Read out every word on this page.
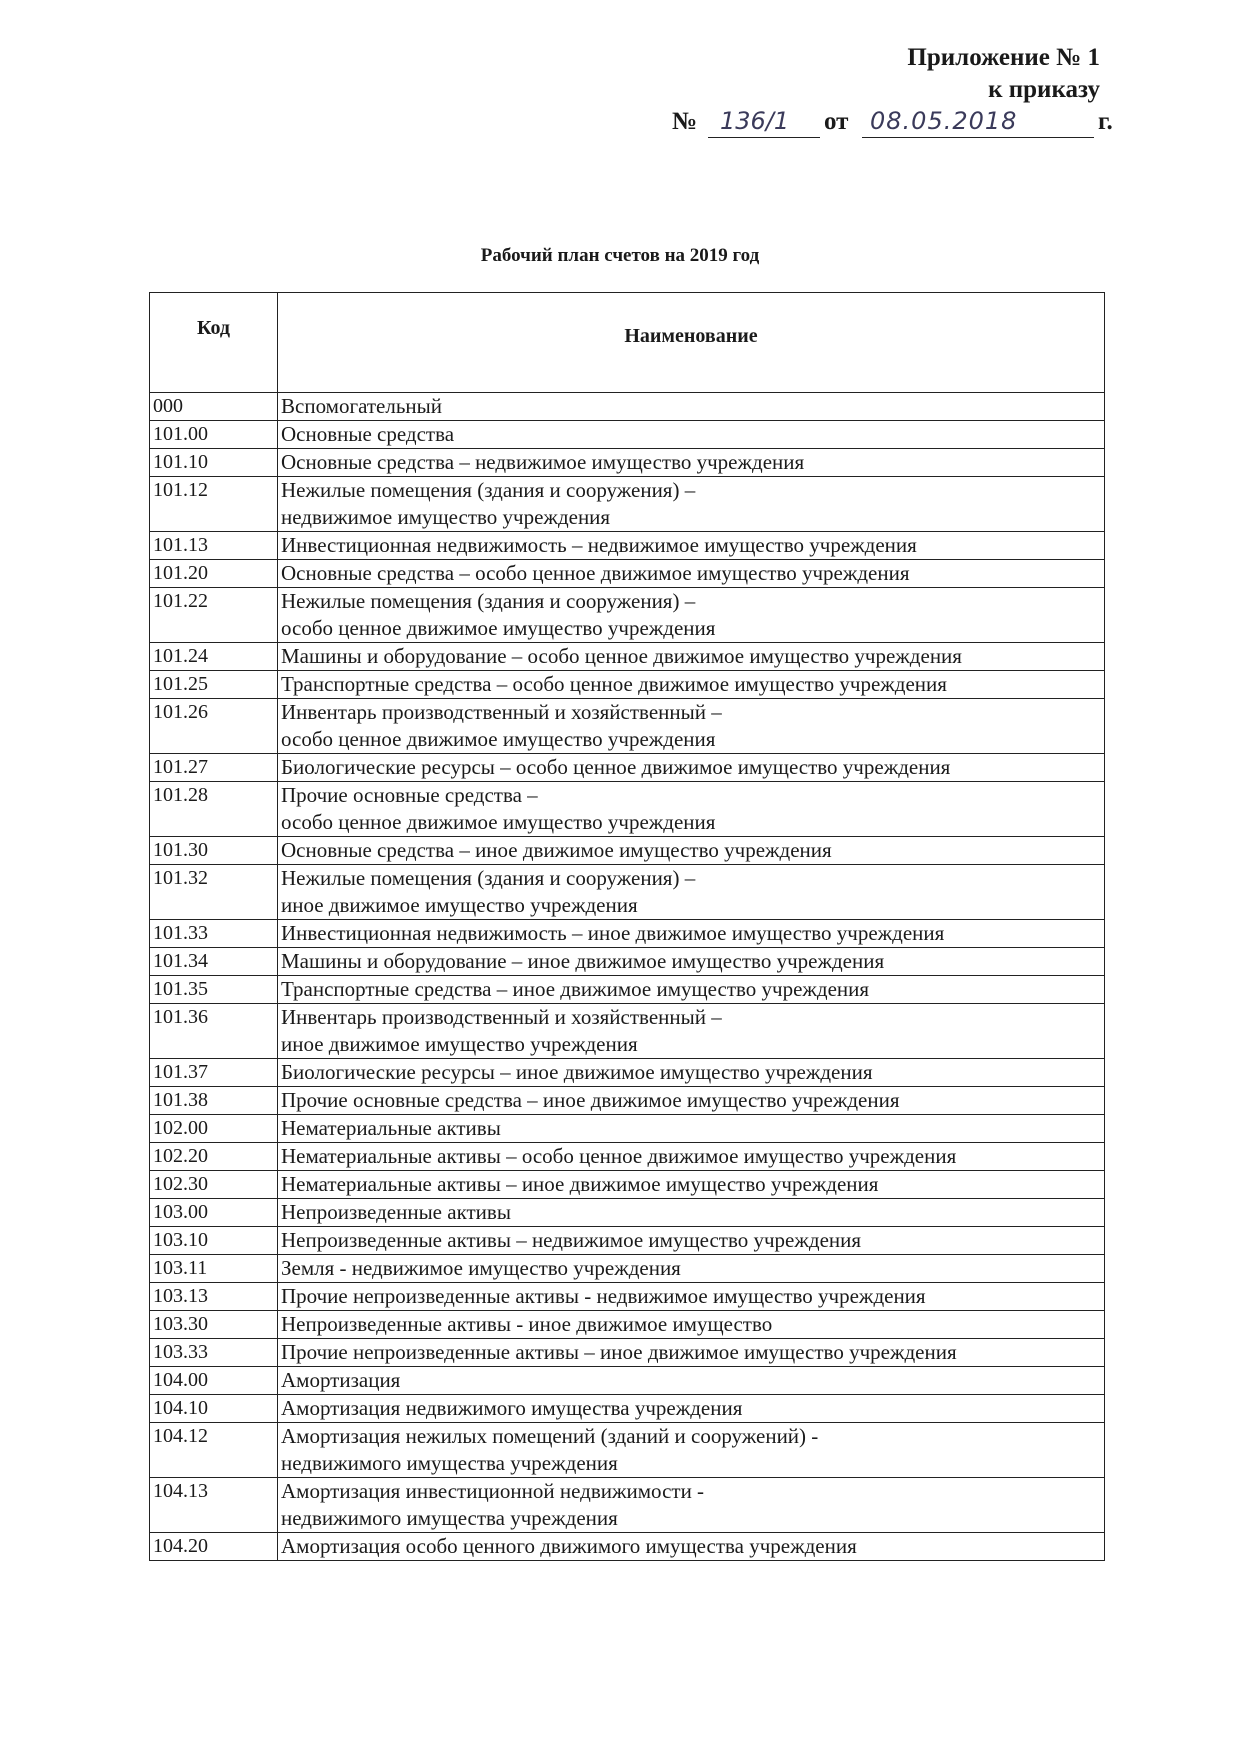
Приложение № 1
к приказу
№ 136/1 от 08.05.2018	г.
Рабочий план счетов на 2019 год
Код	Наименование
000	Вспомогательный
101.00	Основные средства
101.10	Основные средства – недвижимое имущество учреждения
101.12	Нежилые помещения (здания и сооружения) –
недвижимое имущество учреждения
101.13	Инвестиционная недвижимость – недвижимое имущество учреждения
101.20	Основные средства – особо ценное движимое имущество учреждения
101.22	Нежилые помещения (здания и сооружения) –
особо ценное движимое имущество учреждения
101.24	Машины и оборудование – особо ценное движимое имущество учреждения
101.25	Транспортные средства – особо ценное движимое имущество учреждения
101.26	Инвентарь производственный и хозяйственный –
особо ценное движимое имущество учреждения
101.27	Биологические ресурсы – особо ценное движимое имущество учреждения
101.28	Прочие основные средства –
особо ценное движимое имущество учреждения
101.30	Основные средства – иное движимое имущество учреждения
101.32	Нежилые помещения (здания и сооружения) –
иное движимое имущество учреждения
101.33	Инвестиционная недвижимость – иное движимое имущество учреждения
101.34	Машины и оборудование – иное движимое имущество учреждения
101.35	Транспортные средства – иное движимое имущество учреждения
101.36	Инвентарь производственный и хозяйственный –
иное движимое имущество учреждения
101.37	Биологические ресурсы – иное движимое имущество учреждения
101.38	Прочие основные средства – иное движимое имущество учреждения
102.00	Нематериальные активы
102.20	Нематериальные активы – особо ценное движимое имущество учреждения
102.30	Нематериальные активы – иное движимое имущество учреждения
103.00	Непроизведенные активы
103.10	Непроизведенные активы – недвижимое имущество учреждения
103.11	Земля - недвижимое имущество учреждения
103.13	Прочие непроизведенные активы - недвижимое имущество учреждения
103.30	Непроизведенные активы - иное движимое имущество
103.33	Прочие непроизведенные активы – иное движимое имущество учреждения
104.00	Амортизация
104.10	Амортизация недвижимого имущества учреждения
104.12	Амортизация нежилых помещений (зданий и сооружений) -
недвижимого имущества учреждения
104.13	Амортизация инвестиционной недвижимости -
недвижимого имущества учреждения
104.20	Амортизация особо ценного движимого имущества учреждения
